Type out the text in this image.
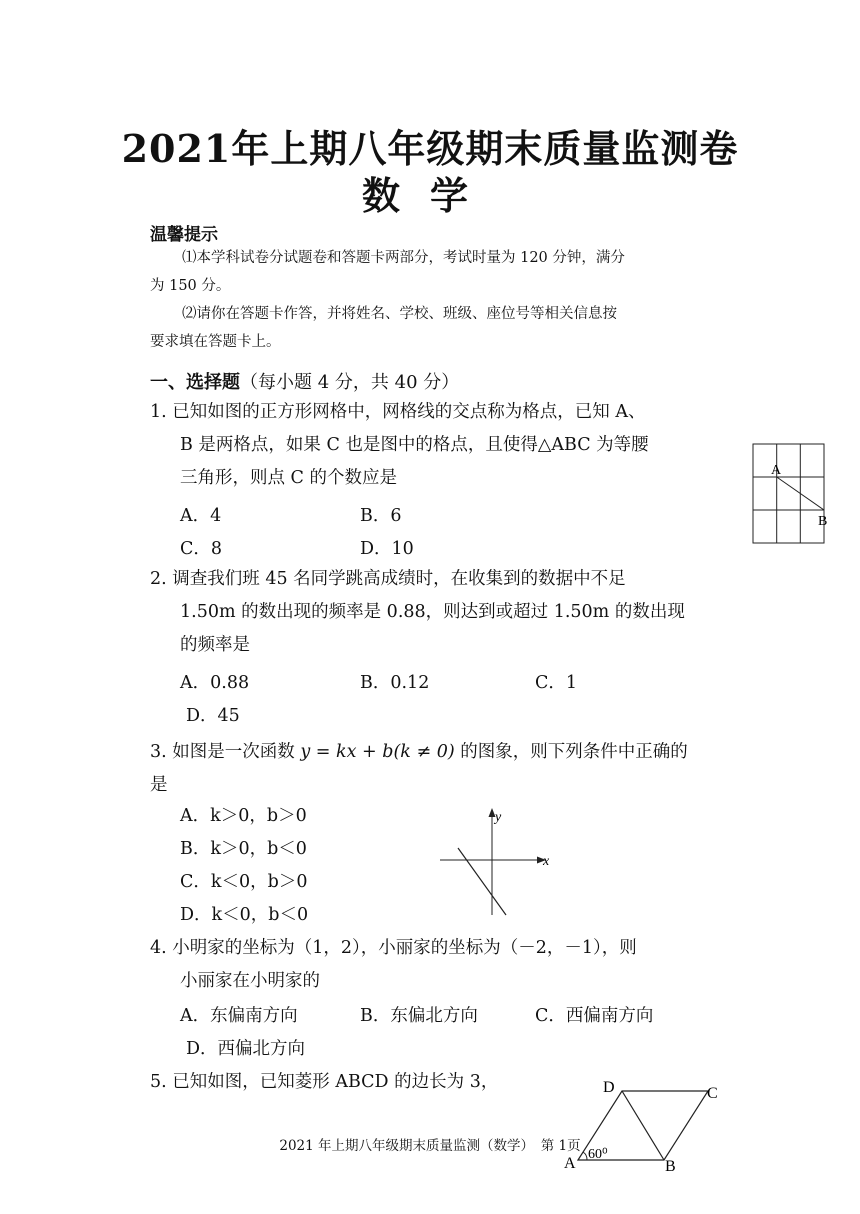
2021年上期八年级期末质量监测卷
数学
温馨提示
⑴本学科试卷分试题卷和答题卡两部分，考试时量为 120 分钟，满分
为 150 分。
⑵请你在答题卡作答，并将姓名、学校、班级、座位号等相关信息按
要求填在答题卡上。
一、选择题（每小题 4 分，共 40 分）
1. 已知如图的正方形网格中，网格线的交点称为格点，已知 A、
B 是两格点，如果 C 也是图中的格点，且使得△ABC 为等腰
三角形，则点 C 的个数应是
A．4	B．6
C．8	D．10
A
B
2. 调查我们班 45 名同学跳高成绩时，在收集到的数据中不足
1.50m 的数出现的频率是 0.88，则达到或超过 1.50m 的数出现
的频率是
A．0.88	B．0.12	C．1
D．45
3. 如图是一次函数 y = kx + b(k ≠ 0) 的图象，则下列条件中正确的
是
A．k＞0，b＞0
B．k＞0，b＜0
C．k＜0，b＞0
D．k＜0，b＜0
x
y
4. 小明家的坐标为（1，2），小丽家的坐标为（－2，－1），则
小丽家在小明家的
A．东偏南方向	B．东偏北方向	C．西偏南方向
D．西偏北方向
5. 已知如图，已知菱形 ABCD 的边长为 3，	D	C
A	B
60⁰
2021 年上期八年级期末质量监测（数学）　第 1页
